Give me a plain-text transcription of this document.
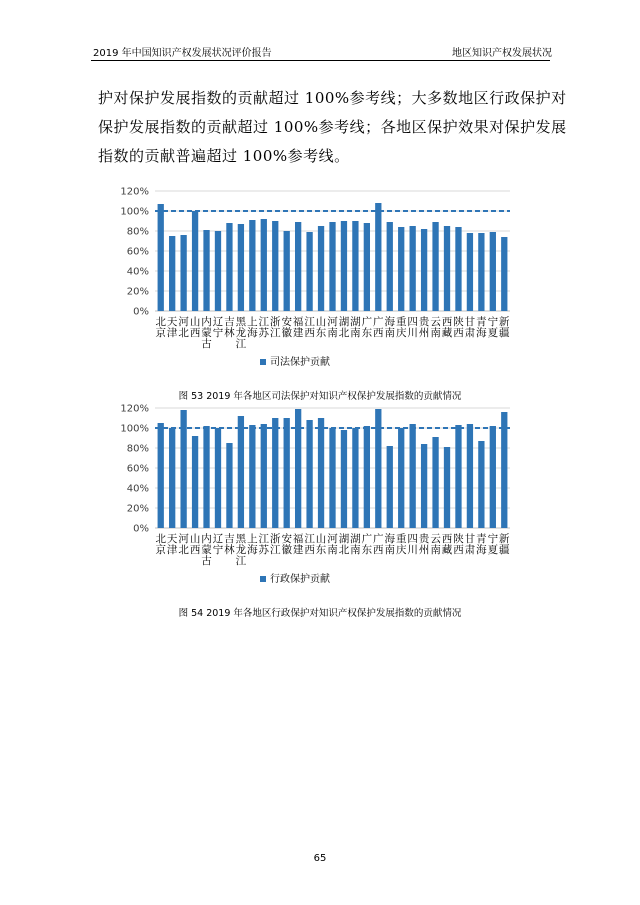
2019 年中国知识产权发展状况评价报告	地区知识产权发展状况

护对保护发展指数的贡献超过 100%参考线；大多数地区行政保护对
保护发展指数的贡献超过 100%参考线；各地区保护效果对保护发展
指数的贡献普遍超过 100%参考线。

0%
20%
40%
60%
80%
100%
120%
北
京
天
津
河
北
山
西
内
蒙
古
辽
宁
吉
林
黑
龙
江
上
海
江
苏
浙
江
安
徽
福
建
江
西
山
东
河
南
湖
北
湖
南
广
东
广
西
海
南
重
庆
四
川
贵
州
云
南
西
藏
陕
西
甘
肃
青
海
宁
夏
新
疆
司法保护贡献
图 53 2019 年各地区司法保护对知识产权保护发展指数的贡献情况
0%
20%
40%
60%
80%
100%
120%
北
京
天
津
河
北
山
西
内
蒙
古
辽
宁
吉
林
黑
龙
江
上
海
江
苏
浙
江
安
徽
福
建
江
西
山
东
河
南
湖
北
湖
南
广
东
广
西
海
南
重
庆
四
川
贵
州
云
南
西
藏
陕
西
甘
肃
青
海
宁
夏
新
疆
行政保护贡献
图 54 2019 年各地区行政保护对知识产权保护发展指数的贡献情况
65
